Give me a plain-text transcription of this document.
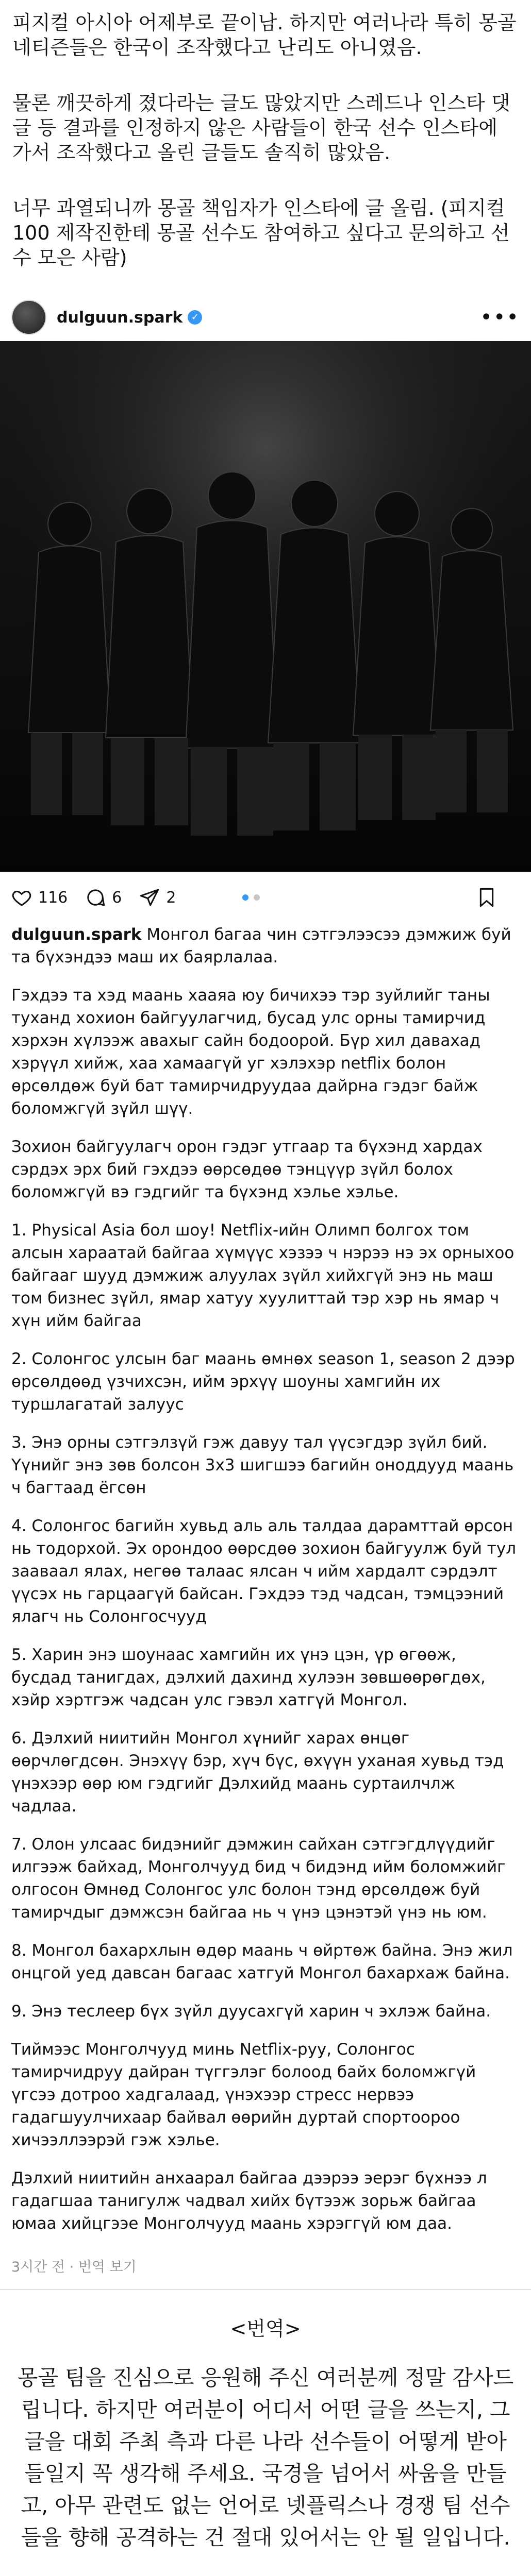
피지컬 아시아 어제부로 끝이남. 하지만 여러나라 특히 몽골 네티즌들은 한국이 조작했다고 난리도 아니였음.

물론 깨끗하게 졌다라는 글도 많았지만 스레드나 인스타 댓글 등 결과를 인정하지 않은 사람들이 한국 선수 인스타에 가서 조작했다고 올린 글들도 솔직히 많았음.

너무 과열되니까 몽골 책임자가 인스타에 글 올림. (피지컬100 제작진한테 몽골 선수도 참여하고 싶다고 문의하고 선수 모은 사람)

dulguun.spark ✓	•••
116	6	2

dulguun.spark Монгол багаа чин сэтгэлээсээ дэмжиж буй та бүхэндээ маш их баярлалаа.

Гэхдээ та хэд маань хааяа юу бичихээ тэр зуйлийг таны туханд хохион байгуулагчид, бусад улс орны тамирчид хэрхэн хүлээж авахыг сайн бодоорой. Бүр хил давахад хэрүүл хийж, хаа хамаагүй уг хэлэхэр netflix болон өрсөлдөж буй бат тамирчидруудаа дайрна гэдэг байж боломжгүй зүйл шүү.

Зохион байгуулагч орон гэдэг утгаар та бүхэнд хардах сэрдэх эрх бий гэхдээ өөрсөдөө тэнцүүр зүйл болох боломжгүй вэ гэдгийг та бүхэнд хэлье хэлье.

1. Physical Asia бол шоу! Netflix-ийн Олимп болгох том алсын хараатай байгаа хүмүүс хэзээ ч нэрээ нэ эх орныхоо байгааг шууд дэмжиж алуулах зүйл хийхгүй энэ нь маш том бизнес зүйл, ямар хатуу хуулиттай тэр хэр нь ямар ч хүн ийм байгаа

2. Солонгос улсын баг маань өмнөх season 1, season 2 дээр өрсөлдөөд үзчихсэн, ийм эрхүү шоуны хамгийн их туршлагатай залуус

3. Энэ орны сэтгэлзүй гэж давуу тал үүсэгдэр зүйл бий. Үүнийг энэ зөв болсон 3х3 шигшээ багийн оноддууд маань ч багтаад ёгсөн

4. Солонгос багийн хувьд аль аль талдаа дарамттай өрсон нь тодорхой. Эх орондоо өөрсдөө зохион байгуулж буй тул зааваал ялах, негөө талаас ялсан ч ийм хардалт сэрдэлт үүсэх нь гарцаагүй байсан. Гэхдээ тэд чадсан, тэмцээний ялагч нь Солонгосчууд

5. Харин энэ шоунаас хамгийн их үнэ цэн, үр өгөөж, бусдад танигдах, дэлхий дахинд хулээн зөвшөөрөгдөх, хэйр хэртгэж чадсан улс гэвэл хатгүй Монгол.

6. Дэлхий ниитийн Монгол хүнийг харах өнцөг өөрчлөгдсөн. Энэхүү бэр, хүч бүс, өхүүн уханая хувьд тэд үнэхээр өөр юм гэдгийг Дэлхийд маань суртаилчлж чадлаа.

7. Олон улсаас бидэнийг дэмжин сайхан сэтгэгдлүүдийг илгээж байхад, Монголчууд бид ч бидэнд ийм боломжийг олгосон Өмнөд Солонгос улс болон тэнд өрсөлдөж буй тамирчдыг дэмжсэн байгаа нь ч үнэ цэнэтэй үнэ нь юм.

8. Монгол бахархлын өдөр маань ч өйртөж байна. Энэ жил онцгой уед давсан багаас хатгуй Монгол бахархаж байна.

9. Энэ теслеер бүх зүйл дуусахгүй харин ч эхлэж байна.

Тиймээс Монголчууд минь Netflix-руу, Солонгос тамирчидруу дайран түггэлэг болоод байх боломжгүй үгсээ дотроо хадгалаад, үнэхээр стресс нервээ гадагшуулчихаар байвал өөрийн дуртай спортоороо хичээллээрэй гэж хэлье.

Дэлхий ниитийн анхаарал байгаа дээрээ эерэг бүхнээ л гадагшаа танигулж чадвал хийх бүтээж зорьж байгаа юмаа хийцгээе Монголчууд маань хэрэггүй юм даа.

3시간 전 · 번역 보기
<번역>

몽골 팀을 진심으로 응원해 주신 여러분께 정말 감사드립니다. 하지만 여러분이 어디서 어떤 글을 쓰는지, 그 글을 대회 주최 측과 다른 나라 선수들이 어떻게 받아들일지 꼭 생각해 주세요. 국경을 넘어서 싸움을 만들고, 아무 관련도 없는 언어로 넷플릭스나 경쟁 팀 선수들을 향해 공격하는 건 절대 있어서는 안 될 일입니다.
